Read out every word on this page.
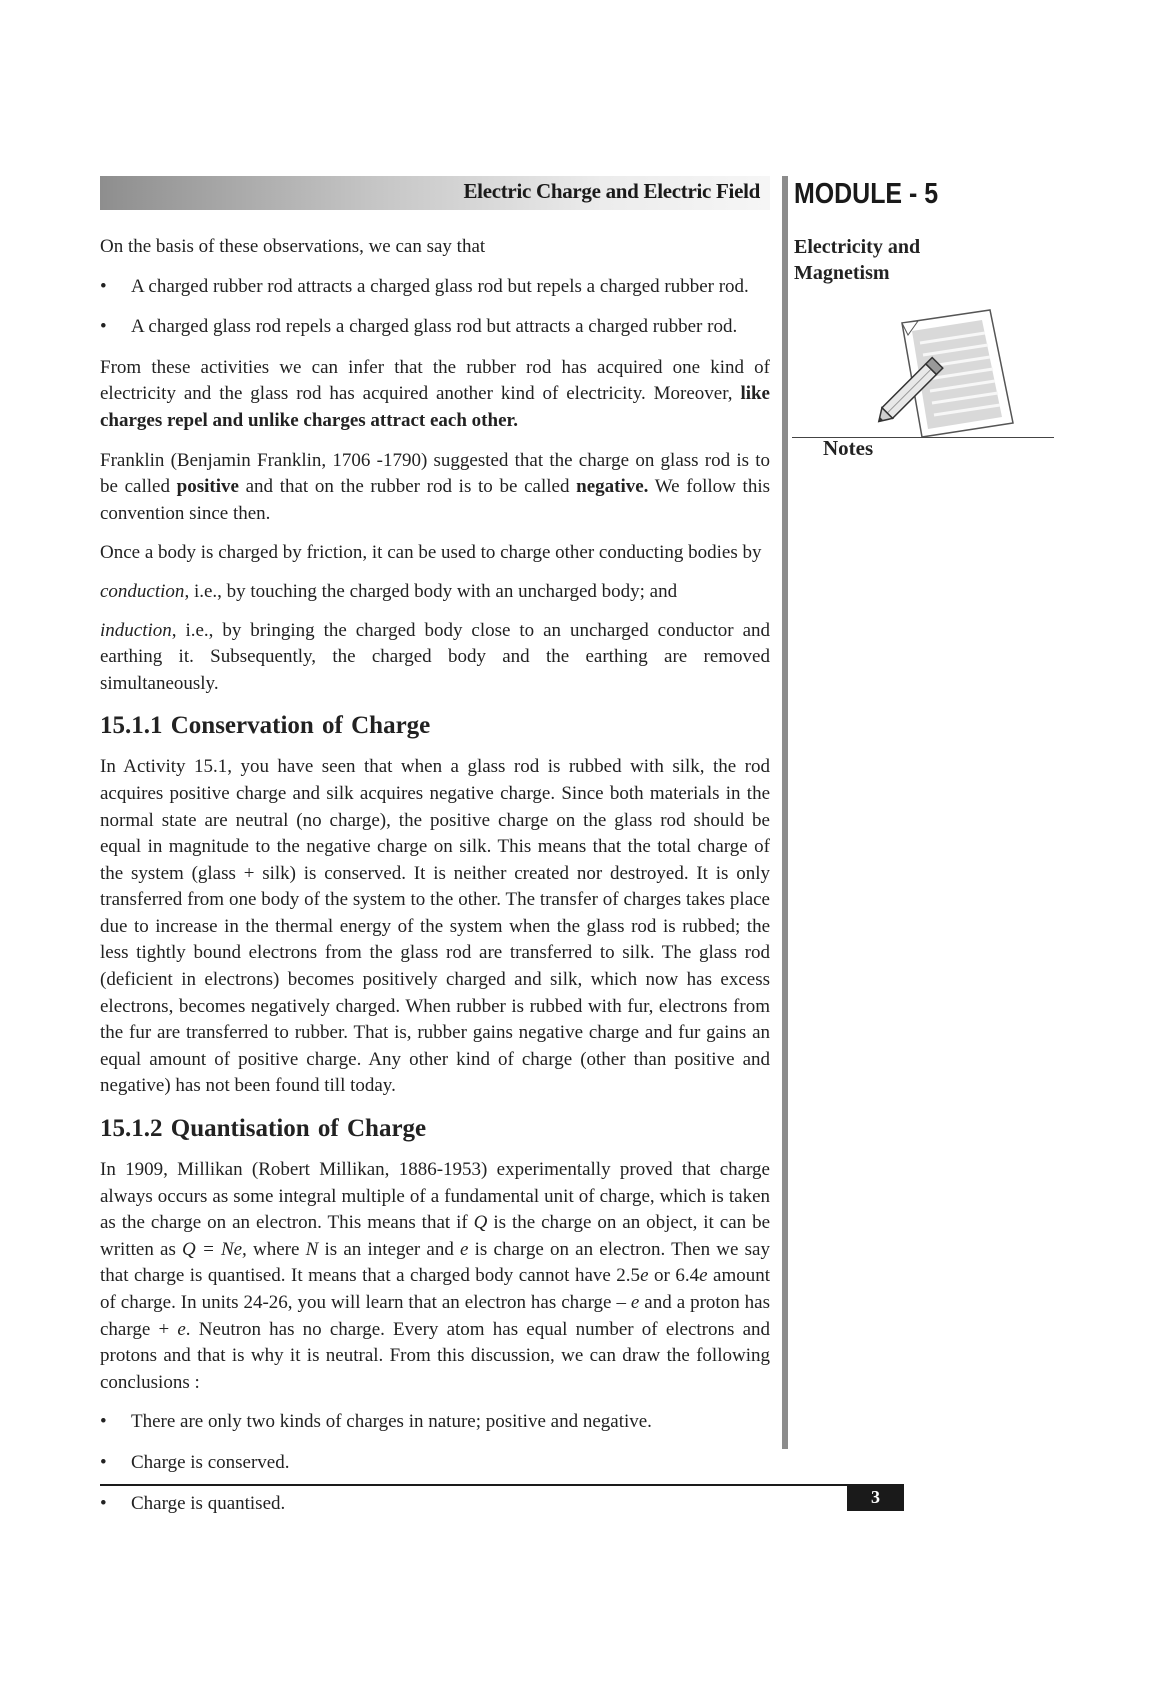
Electric Charge and Electric Field MODULE - 5
Electricity and Magnetism
Notes

On the basis of these observations, we can say that

• A charged rubber rod attracts a charged glass rod but repels a charged rubber rod.
• A charged glass rod repels a charged glass rod but attracts a charged rubber rod.

From these activities we can infer that the rubber rod has acquired one kind of electricity and the glass rod has acquired another kind of electricity. Moreover, like charges repel and unlike charges attract each other.

Franklin (Benjamin Franklin, 1706 -1790) suggested that the charge on glass rod is to be called positive and that on the rubber rod is to be called negative. We follow this convention since then.

Once a body is charged by friction, it can be used to charge other conducting bodies by

conduction, i.e., by touching the charged body with an uncharged body; and

induction, i.e., by bringing the charged body close to an uncharged conductor and earthing it. Subsequently, the charged body and the earthing are removed simultaneously.

15.1.1 Conservation of Charge

In Activity 15.1, you have seen that when a glass rod is rubbed with silk, the rod acquires positive charge and silk acquires negative charge. Since both materials in the normal state are neutral (no charge), the positive charge on the glass rod should be equal in magnitude to the negative charge on silk. This means that the total charge of the system (glass + silk) is conserved. It is neither created nor destroyed. It is only transferred from one body of the system to the other. The transfer of charges takes place due to increase in the thermal energy of the system when the glass rod is rubbed; the less tightly bound electrons from the glass rod are transferred to silk. The glass rod (deficient in electrons) becomes positively charged and silk, which now has excess electrons, becomes negatively charged. When rubber is rubbed with fur, electrons from the fur are transferred to rubber. That is, rubber gains negative charge and fur gains an equal amount of positive charge. Any other kind of charge (other than positive and negative) has not been found till today.

15.1.2 Quantisation of Charge

In 1909, Millikan (Robert Millikan, 1886-1953) experimentally proved that charge always occurs as some integral multiple of a fundamental unit of charge, which is taken as the charge on an electron. This means that if Q is the charge on an object, it can be written as Q = Ne, where N is an integer and e is charge on an electron. Then we say that charge is quantised. It means that a charged body cannot have 2.5e or 6.4e amount of charge. In units 24-26, you will learn that an electron has charge – e and a proton has charge + e. Neutron has no charge. Every atom has equal number of electrons and protons and that is why it is neutral. From this discussion, we can draw the following conclusions :

• There are only two kinds of charges in nature; positive and negative.
• Charge is conserved.
• Charge is quantised.	3
